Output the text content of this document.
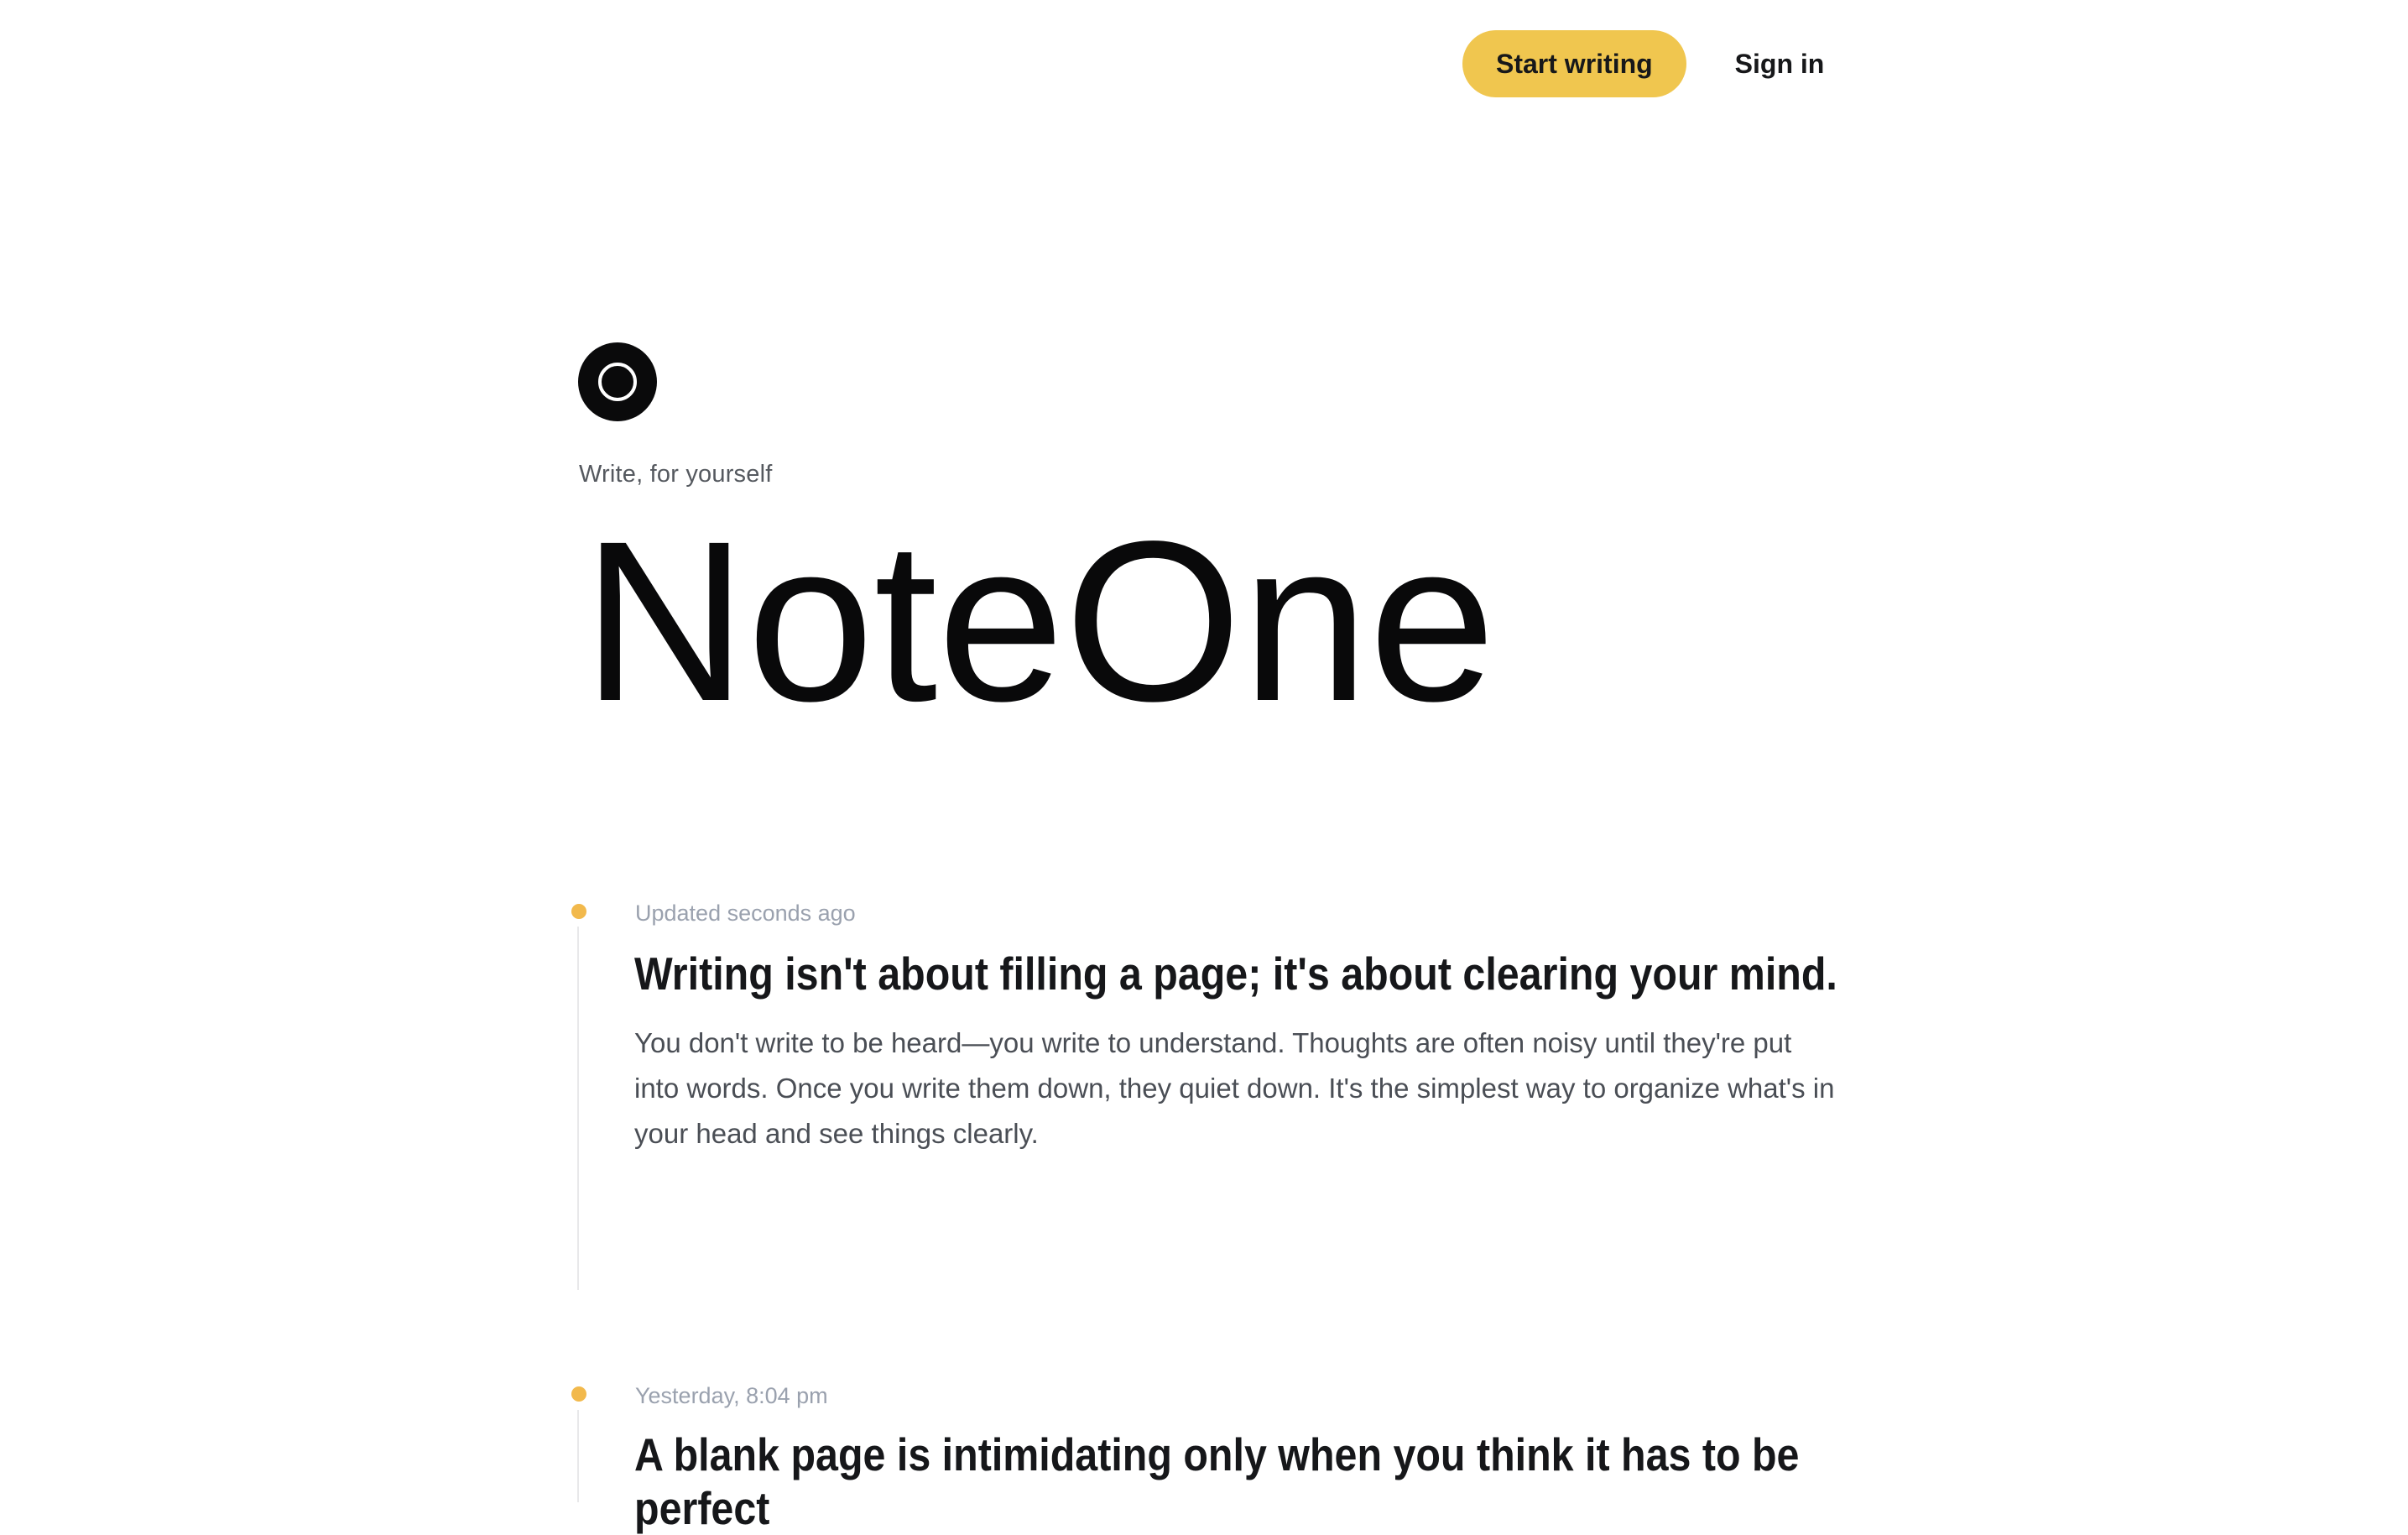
Start writing	Sign in
Write, for yourself
NoteOne
Updated seconds ago
Writing isn't about filling a page; it's about clearing your mind.
You don't write to be heard—you write to understand. Thoughts are often noisy until they're put into words. Once you write them down, they quiet down. It's the simplest way to organize what's in your head and see things clearly.
Yesterday, 8:04 pm
A blank page is intimidating only when you think it has to be
perfect
